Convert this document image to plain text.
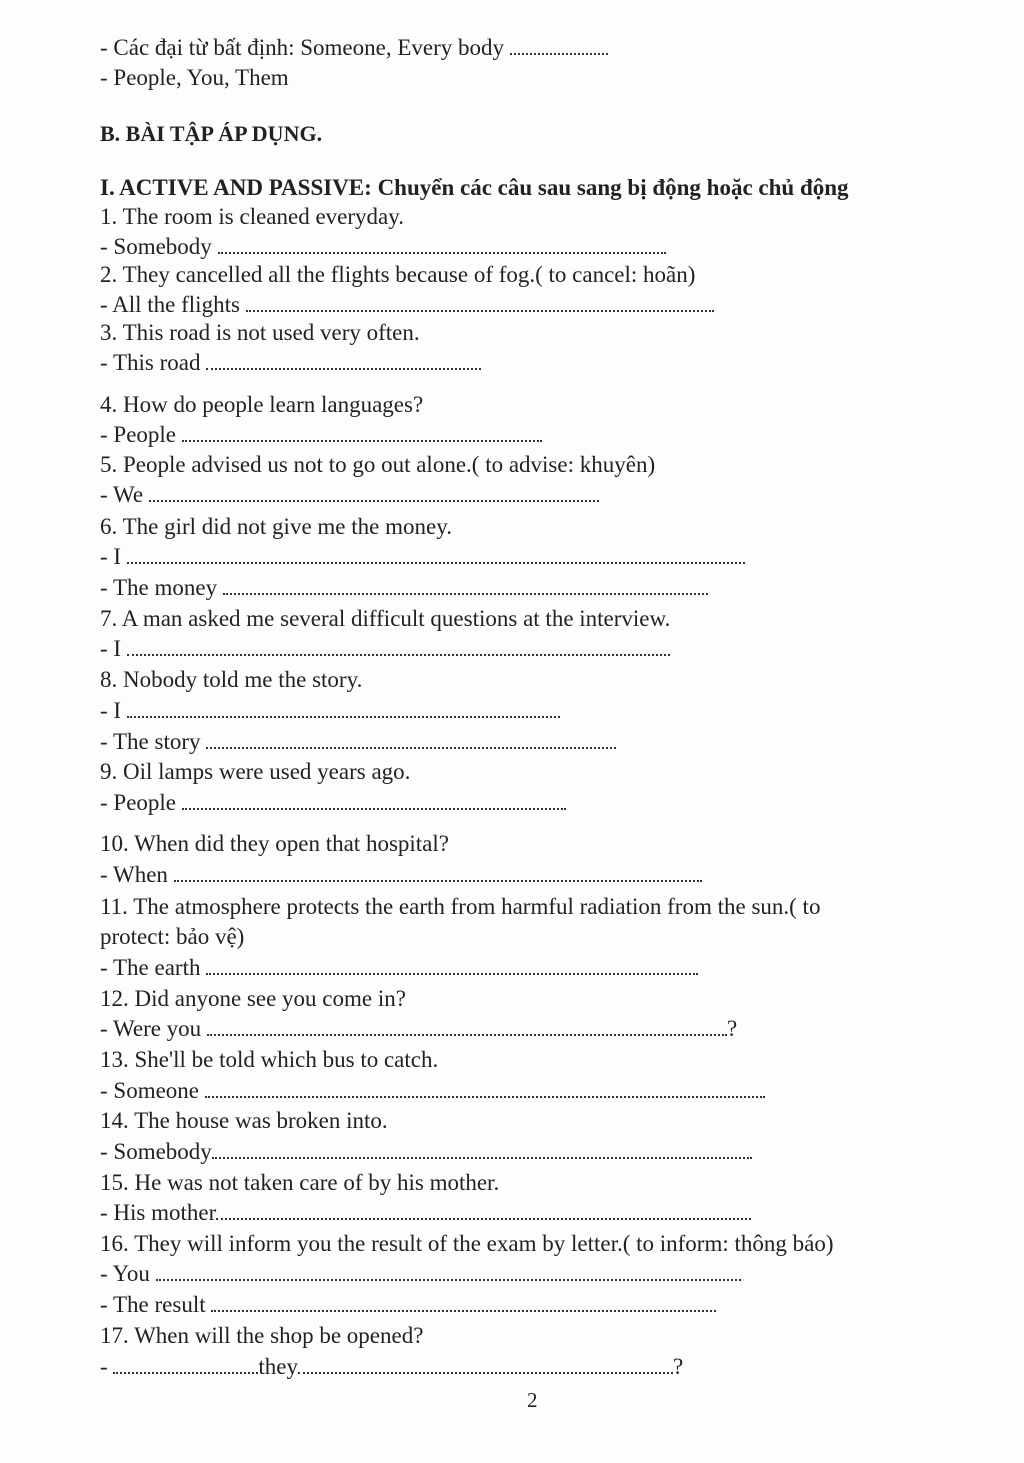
- Các đại từ bất định: Someone, Every body
- People, You, Them
B. BÀI TẬP ÁP DỤNG.
I. ACTIVE AND PASSIVE: Chuyển các câu sau sang bị động hoặc chủ động
1. The room is cleaned everyday.
- Somebody
2. They cancelled all the flights because of fog.( to cancel: hoãn)
- All the flights
3. This road is not used very often.
- This road
4. How do people learn languages?
- People
5. People advised us not to go out alone.( to advise: khuyên)
- We
6. The girl did not give me the money.
- I
- The money
7. A man asked me several difficult questions at the interview.
- I
8. Nobody told me the story.
- I
- The story
9. Oil lamps were used years ago.
- People
10. When did they open that hospital?
- When
11. The atmosphere protects the earth from harmful radiation from the sun.( to
protect: bảo vệ)
- The earth
12. Did anyone see you come in?
- Were you	?
13. She'll be told which bus to catch.
- Someone
14. The house was broken into.
- Somebody
15. He was not taken care of by his mother.
- His mother
16. They will inform you the result of the exam by letter.( to inform: thông báo)
- You
- The result
17. When will the shop be opened?
-	they	?
2
